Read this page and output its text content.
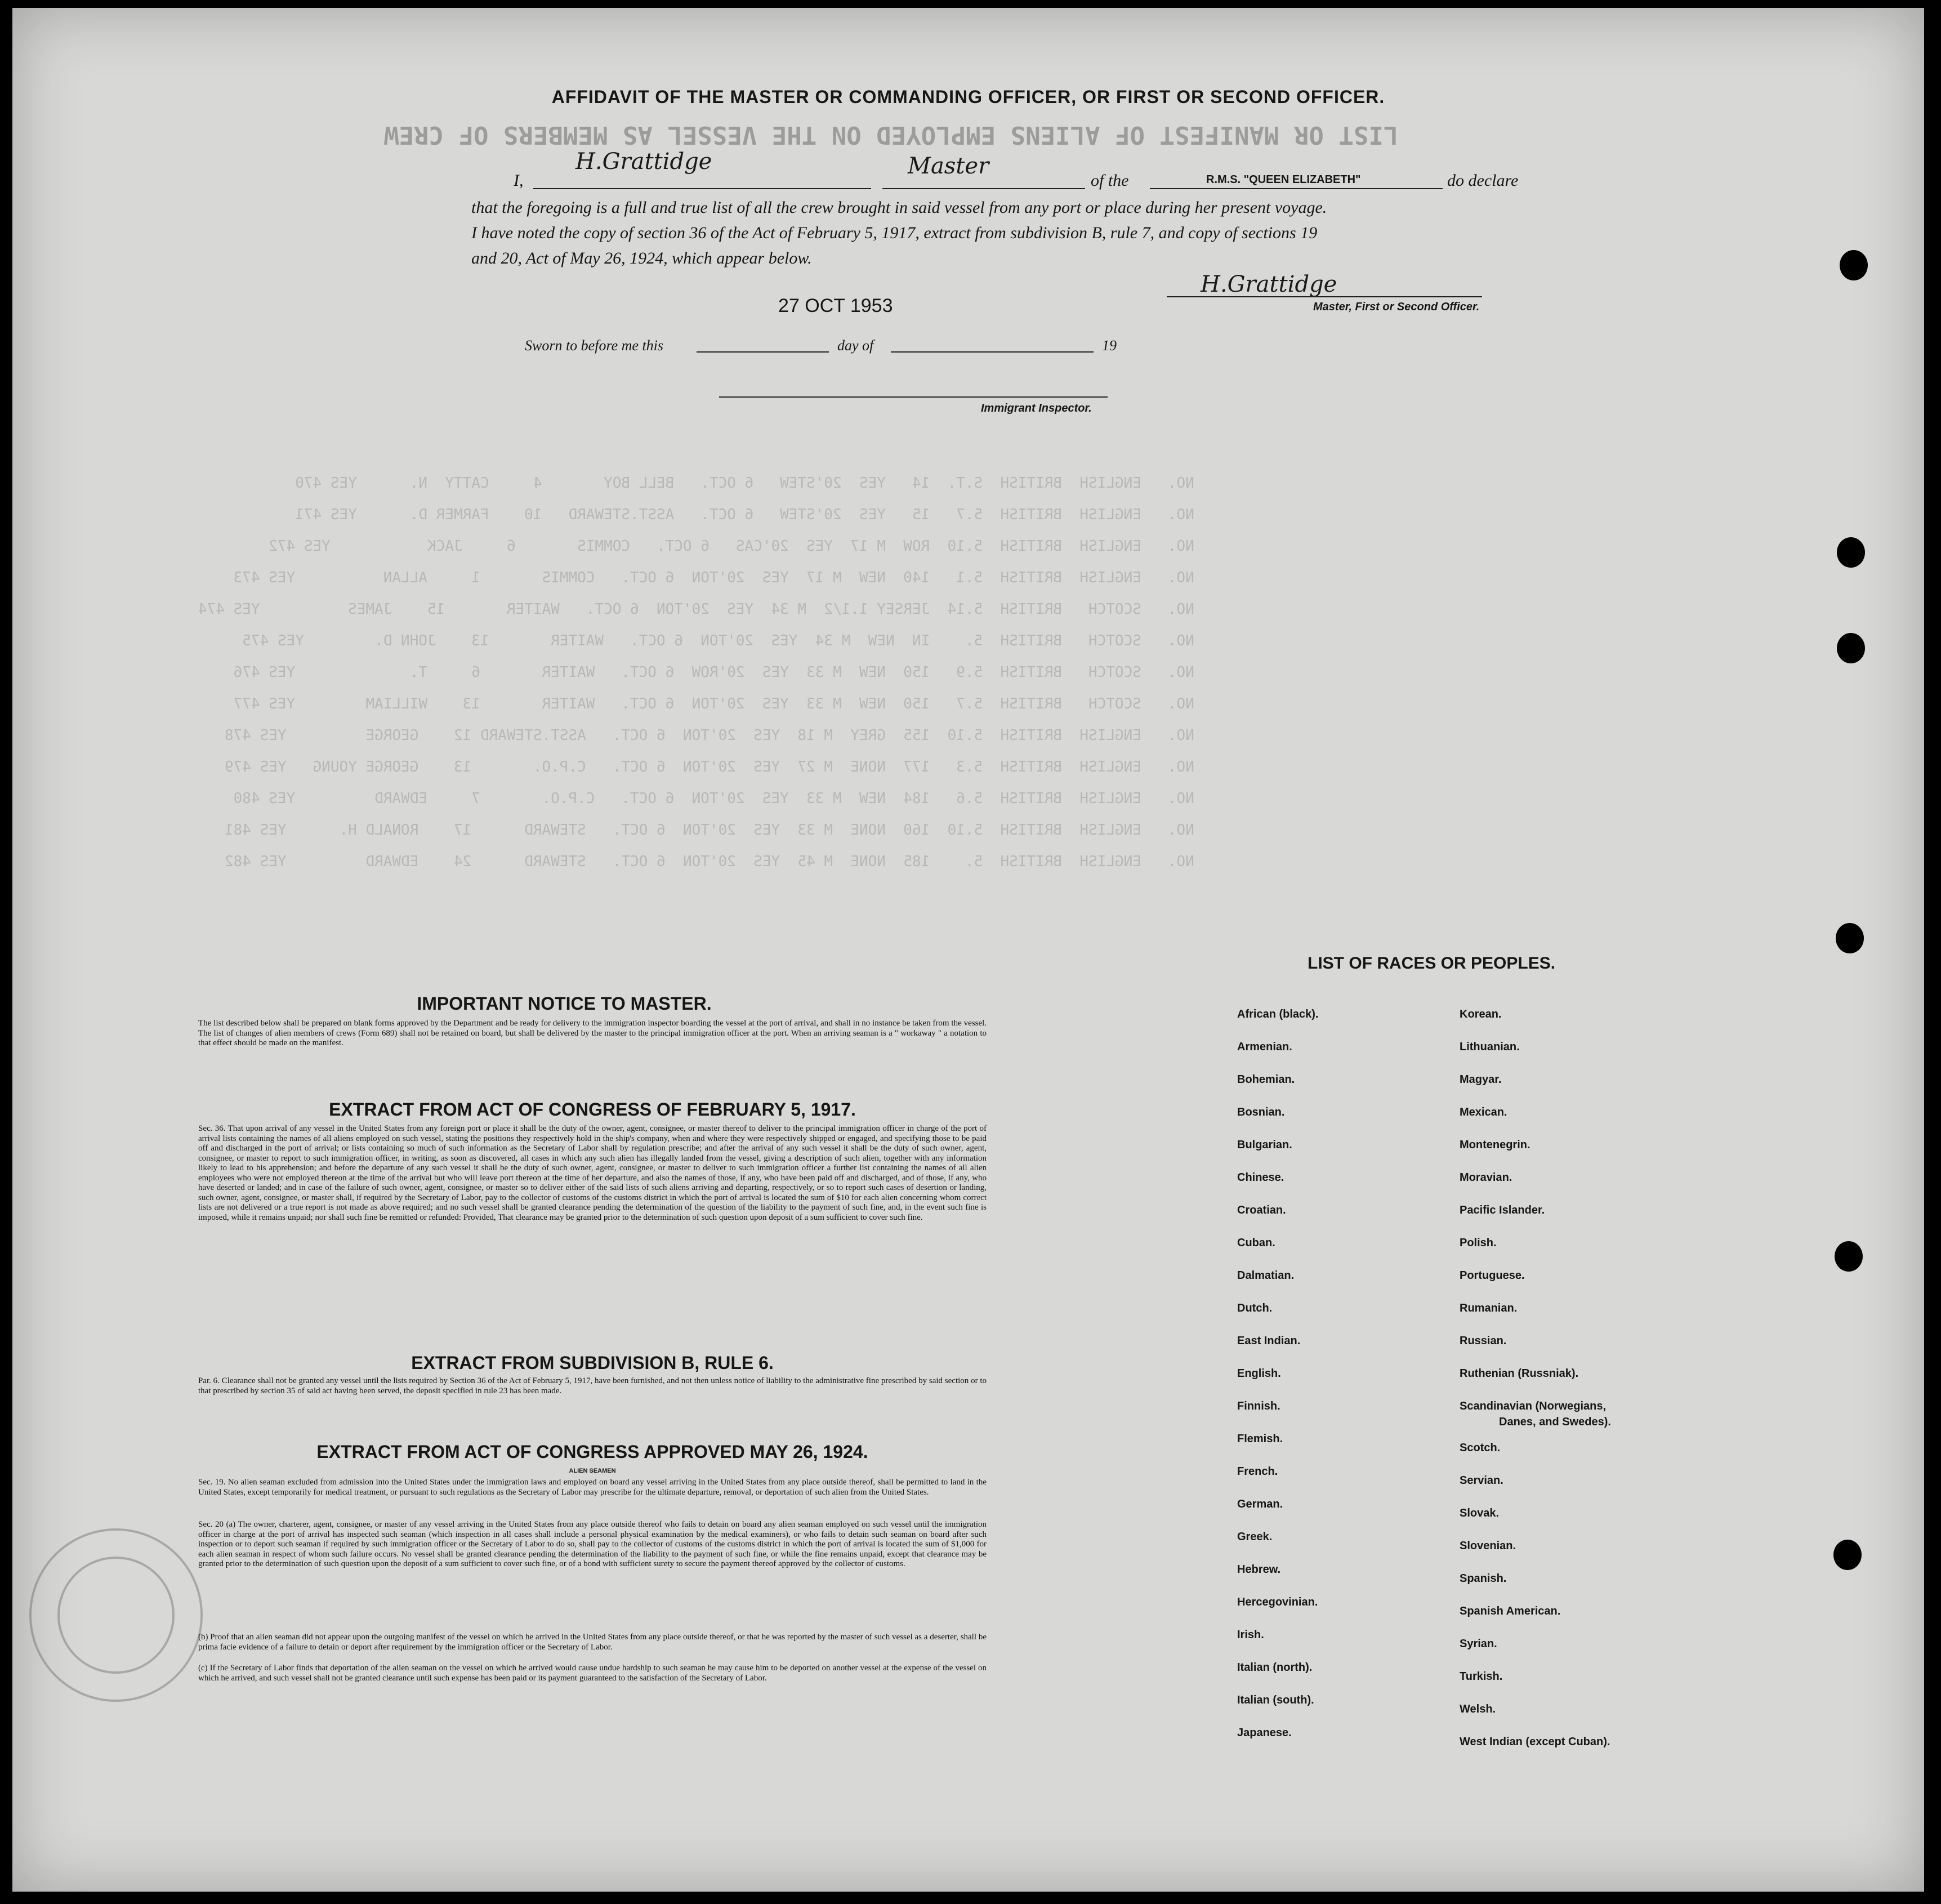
LIST OR MANIFEST OF ALIENS EMPLOYED ON THE VESSEL AS MEMBERS OF CREW

NO.   ENGLISH  BRITISH  S.T.  14   YES  20'STEW   6 OCT.   BELL BOY       4     CATTY  N.      YES 470
NO.   ENGLISH  BRITISH  5.7   15   YES  20'STEW   6 OCT.   ASST.STEWARD   10    FARMER D.      YES 471
NO.   ENGLISH  BRITISH  5.10  ROW  M 17  YES  20'CAS   6 OCT.   COMMIS       6     JACK           YES 472
NO.   ENGLISH  BRITISH  5.1   140  NEW  M 17  YES  20'TON  6 OCT.   COMMIS       1     ALLAN          YES 473
NO.   SCOTCH   BRITISH  5.14  JERSEY 1.1/2  M 34  YES  20'TON  6 OCT.   WAITER       15    JAMES          YES 474
NO.   SCOTCH   BRITISH  5.    IN  NEW  M 34  YES  20'TON  6 OCT.   WAITER       13    JOHN D.        YES 475
NO.   SCOTCH   BRITISH  5.9   150  NEW  M 33  YES  20'ROW  6 OCT.   WAITER       6     T.             YES 476
NO.   SCOTCH   BRITISH  5.7   150  NEW  M 33  YES  20'TON  6 OCT.   WAITER       13    WILLIAM        YES 477
NO.   ENGLISH  BRITISH  5.10  155  GREY  M 18  YES  20'TON  6 OCT.   ASST.STEWARD 12    GEORGE         YES 478
NO.   ENGLISH  BRITISH  5.3   177  NONE  M 27  YES  20'TON  6 OCT.   C.P.O.       13    GEORGE YOUNG   YES 479
NO.   ENGLISH  BRITISH  5.6   184  NEW  M 33  YES  20'TON  6 OCT.   C.P.O.       7     EDWARD         YES 480
NO.   ENGLISH  BRITISH  5.10  160  NONE  M 33  YES  20'TON  6 OCT.   STEWARD      17    RONALD H.      YES 481
NO.   ENGLISH  BRITISH  5.    185  NONE  M 45  YES  20'TON  6 OCT.   STEWARD      24    EDWARD         YES 482

AFFIDAVIT OF THE MASTER OR COMMANDING OFFICER, OR FIRST OR SECOND OFFICER.
I,
H.Grattidge	Master
of the	R.M.S. "QUEEN ELIZABETH"	do declare
that the foregoing is a full and true list of all the crew brought in said vessel from any port or place during her present voyage.
I have noted the copy of section 36 of the Act of February 5, 1917, extract from subdivision B, rule 7, and copy of sections 19
and 20, Act of May 26, 1924, which appear below.
27 OCT 1953
H.Grattidge
Master, First or Second Officer.
Sworn to before me this	day of	19
Immigrant Inspector.
IMPORTANT NOTICE TO MASTER.
The list described below shall be prepared on blank forms approved by the Department and be ready for delivery to the immigration inspector boarding the vessel at the port of arrival, and shall in no instance be taken from the vessel. The list of changes of alien members of crews (Form 689) shall not be retained on board, but shall be delivered by the master to the principal immigration officer at the port. When an arriving seaman is a " workaway " a notation to that effect should be made on the manifest.
EXTRACT FROM ACT OF CONGRESS OF FEBRUARY 5, 1917.
Sec. 36. That upon arrival of any vessel in the United States from any foreign port or place it shall be the duty of the owner, agent, consignee, or master thereof to deliver to the principal immigration officer in charge of the port of arrival lists containing the names of all aliens employed on such vessel, stating the positions they respectively hold in the ship's company, when and where they were respectively shipped or engaged, and specifying those to be paid off and discharged in the port of arrival; or lists containing so much of such information as the Secretary of Labor shall by regulation prescribe; and after the arrival of any such vessel it shall be the duty of such owner, agent, consignee, or master to report to such immigration officer, in writing, as soon as discovered, all cases in which any such alien has illegally landed from the vessel, giving a description of such alien, together with any information likely to lead to his apprehension; and before the departure of any such vessel it shall be the duty of such owner, agent, consignee, or master to deliver to such immigration officer a further list containing the names of all alien employees who were not employed thereon at the time of the arrival but who will leave port thereon at the time of her departure, and also the names of those, if any, who have been paid off and discharged, and of those, if any, who have deserted or landed; and in case of the failure of such owner, agent, consignee, or master so to deliver either of the said lists of such aliens arriving and departing, respectively, or so to report such cases of desertion or landing, such owner, agent, consignee, or master shall, if required by the Secretary of Labor, pay to the collector of customs of the customs district in which the port of arrival is located the sum of $10 for each alien concerning whom correct lists are not delivered or a true report is not made as above required; and no such vessel shall be granted clearance pending the determination of the question of the liability to the payment of such fine, and, in the event such fine is imposed, while it remains unpaid; nor shall such fine be remitted or refunded: Provided, That clearance may be granted prior to the determination of such question upon deposit of a sum sufficient to cover such fine.
EXTRACT FROM SUBDIVISION B, RULE 6.
Par. 6. Clearance shall not be granted any vessel until the lists required by Section 36 of the Act of February 5, 1917, have been furnished, and not then unless notice of liability to the administrative fine prescribed by said section or to that prescribed by section 35 of said act having been served, the deposit specified in rule 23 has been made.
EXTRACT FROM ACT OF CONGRESS APPROVED MAY 26, 1924.
ALIEN SEAMEN
Sec. 19. No alien seaman excluded from admission into the United States under the immigration laws and employed on board any vessel arriving in the United States from any place outside thereof, shall be permitted to land in the United States, except temporarily for medical treatment, or pursuant to such regulations as the Secretary of Labor may prescribe for the ultimate departure, removal, or deportation of such alien from the United States.
Sec. 20 (a) The owner, charterer, agent, consignee, or master of any vessel arriving in the United States from any place outside thereof who fails to detain on board any alien seaman employed on such vessel until the immigration officer in charge at the port of arrival has inspected such seaman (which inspection in all cases shall include a personal physical examination by the medical examiners), or who fails to detain such seaman on board after such inspection or to deport such seaman if required by such immigration officer or the Secretary of Labor to do so, shall pay to the collector of customs of the customs district in which the port of arrival is located the sum of $1,000 for each alien seaman in respect of whom such failure occurs. No vessel shall be granted clearance pending the determination of the liability to the payment of such fine, or while the fine remains unpaid, except that clearance may be granted prior to the determination of such question upon the deposit of a sum sufficient to cover such fine, or of a bond with sufficient surety to secure the payment thereof approved by the collector of customs.
(b) Proof that an alien seaman did not appear upon the outgoing manifest of the vessel on which he arrived in the United States from any place outside thereof, or that he was reported by the master of such vessel as a deserter, shall be prima facie evidence of a failure to detain or deport after requirement by the immigration officer or the Secretary of Labor.
(c) If the Secretary of Labor finds that deportation of the alien seaman on the vessel on which he arrived would cause undue hardship to such seaman he may cause him to be deported on another vessel at the expense of the vessel on which he arrived, and such vessel shall not be granted clearance until such expense has been paid or its payment guaranteed to the satisfaction of the Secretary of Labor.
LIST OF RACES OR PEOPLES.
African (black).
Armenian.
Bohemian.
Bosnian.
Bulgarian.
Chinese.
Croatian.
Cuban.
Dalmatian.
Dutch.
East Indian.
English.
Finnish.
Flemish.
French.
German.
Greek.
Hebrew.
Hercegovinian.
Irish.
Italian (north).
Italian (south).
Japanese.
Korean.
Lithuanian.
Magyar.
Mexican.
Montenegrin.
Moravian.
Pacific Islander.
Polish.
Portuguese.
Rumanian.
Russian.
Ruthenian (Russniak).
Scandinavian (Norwegians,
Danes, and Swedes).
Scotch.
Servian.
Slovak.
Slovenian.
Spanish.
Spanish American.
Syrian.
Turkish.
Welsh.
West Indian (except Cuban).
